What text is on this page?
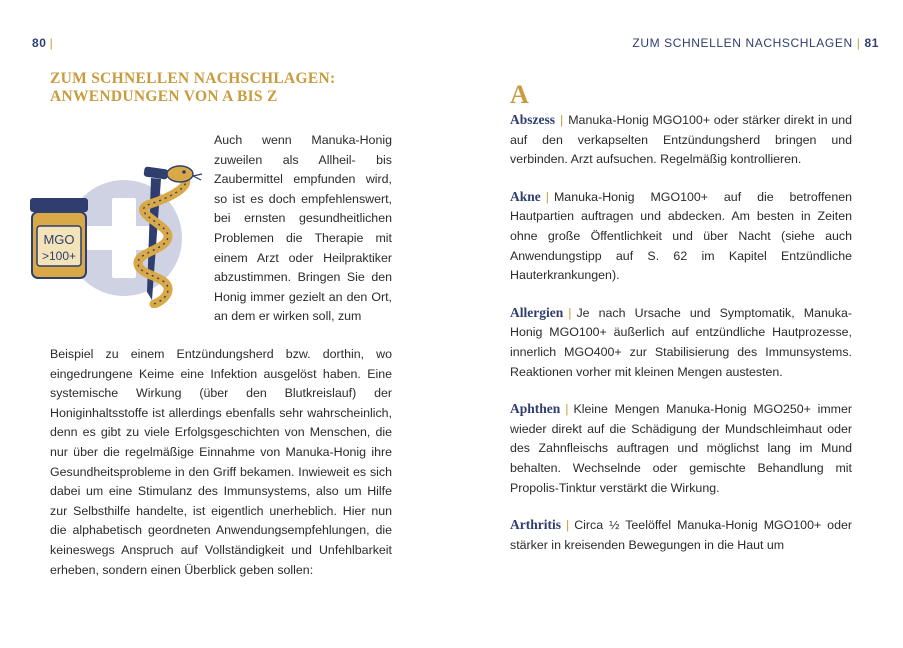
80 |
ZUM SCHNELLEN NACHSCHLAGEN:
ANWENDUNGEN VON A BIS Z
MGO
>100+

Auch wenn Manuka-Honig zuweilen als Allheil- bis Zaubermittel empfunden wird, so ist es doch empfehlenswert, bei ernsten gesundheitlichen Problemen die Therapie mit einem Arzt oder Heilpraktiker abzustimmen. Bringen Sie den Honig immer gezielt an den Ort, an dem er wirken soll, zum

Beispiel zu einem Entzündungsherd bzw. dorthin, wo eingedrungene Keime eine Infektion ausgelöst haben. Eine systemische Wirkung (über den Blutkreislauf) der Honiginhaltsstoffe ist allerdings ebenfalls sehr wahrscheinlich, denn es gibt zu viele Erfolgsgeschichten von Menschen, die nur über die regelmäßige Einnahme von Manuka-Honig ihre Gesundheitsprobleme in den Griff bekamen. Inwieweit es sich dabei um eine Stimulanz des Immunsystems, also um Hilfe zur Selbsthilfe handelte, ist eigentlich unerheblich. Hier nun die alphabetisch geordneten Anwendungsempfehlungen, die keineswegs Anspruch auf Vollständigkeit und Unfehlbarkeit erheben, sondern einen Überblick geben sollen:

ZUM SCHNELLEN NACHSCHLAGEN | 81
A

Abszess | Manuka-Honig MGO100+ oder stärker direkt in und auf den verkapselten Entzündungsherd bringen und verbinden. Arzt aufsuchen. Regelmäßig kontrollieren.

Akne | Manuka-Honig MGO100+ auf die betroffenen Hautpartien auftragen und abdecken. Am besten in Zeiten ohne große Öffentlichkeit und über Nacht (siehe auch Anwendungstipp auf S. 62 im Kapitel Entzündliche Hauterkrankungen).

Allergien | Je nach Ursache und Symptomatik, Manuka-Honig MGO100+ äußerlich auf entzündliche Hautprozesse, innerlich MGO400+ zur Stabilisierung des Immunsystems. Reaktionen vorher mit kleinen Mengen austesten.

Aphthen | Kleine Mengen Manuka-Honig MGO250+ immer wieder direkt auf die Schädigung der Mundschleimhaut oder des Zahnfleischs auftragen und möglichst lang im Mund behalten. Wechselnde oder gemischte Behandlung mit Propolis-Tinktur verstärkt die Wirkung.

Arthritis | Circa ½ Teelöffel Manuka-Honig MGO100+ oder stärker in kreisenden Bewegungen in die Haut um
